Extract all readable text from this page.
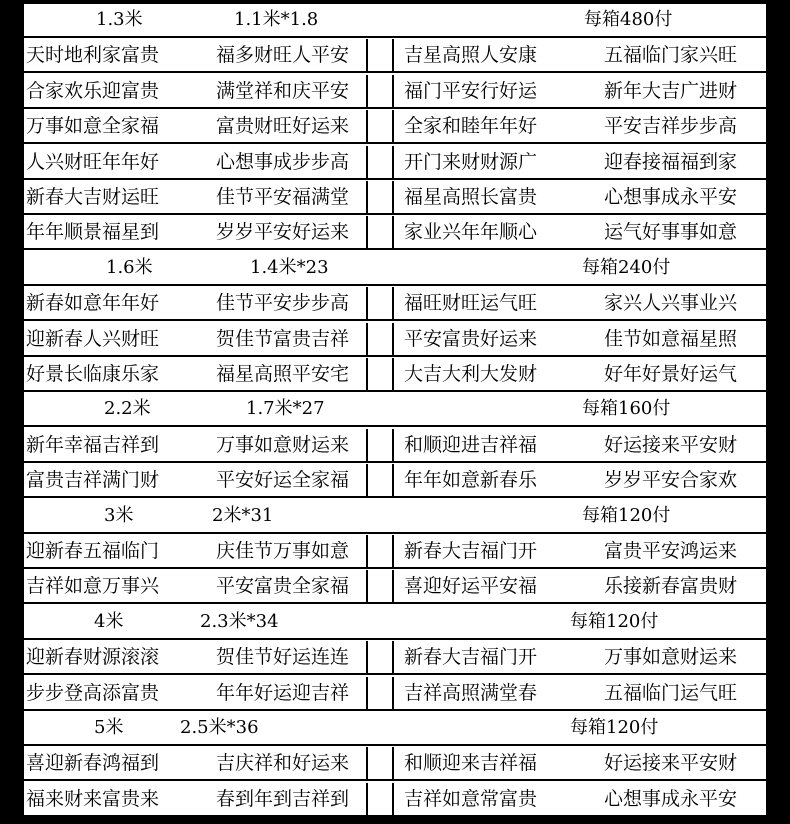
1.3米	1.1米*1.8	每箱480付
天时地利家富贵	福多财旺人平安	吉星高照人安康	五福临门家兴旺
合家欢乐迎富贵	满堂祥和庆平安	福门平安行好运	新年大吉广进财
万事如意全家福	富贵财旺好运来	全家和睦年年好	平安吉祥步步高
人兴财旺年年好	心想事成步步高	开门来财财源广	迎春接福福到家
新春大吉财运旺	佳节平安福满堂	福星高照长富贵	心想事成永平安
年年顺景福星到	岁岁平安好运来	家业兴年年顺心	运气好事事如意
1.6米	1.4米*23	每箱240付
新春如意年年好	佳节平安步步高	福旺财旺运气旺	家兴人兴事业兴
迎新春人兴财旺	贺佳节富贵吉祥	平安富贵好运来	佳节如意福星照
好景长临康乐家	福星高照平安宅	大吉大利大发财	好年好景好运气
2.2米	1.7米*27	每箱160付
新年幸福吉祥到	万事如意财运来	和顺迎进吉祥福	好运接来平安财
富贵吉祥满门财	平安好运全家福	年年如意新春乐	岁岁平安合家欢
3米	2米*31	每箱120付
迎新春五福临门	庆佳节万事如意	新春大吉福门开	富贵平安鸿运来
吉祥如意万事兴	平安富贵全家福	喜迎好运平安福	乐接新春富贵财
4米	2.3米*34	每箱120付
迎新春财源滚滚	贺佳节好运连连	新春大吉福门开	万事如意财运来
步步登高添富贵	年年好运迎吉祥	吉祥高照满堂春	五福临门运气旺
5米	2.5米*36	每箱120付
喜迎新春鸿福到	吉庆祥和好运来	和顺迎来吉祥福	好运接来平安财
福来财来富贵来	春到年到吉祥到	吉祥如意常富贵	心想事成永平安
